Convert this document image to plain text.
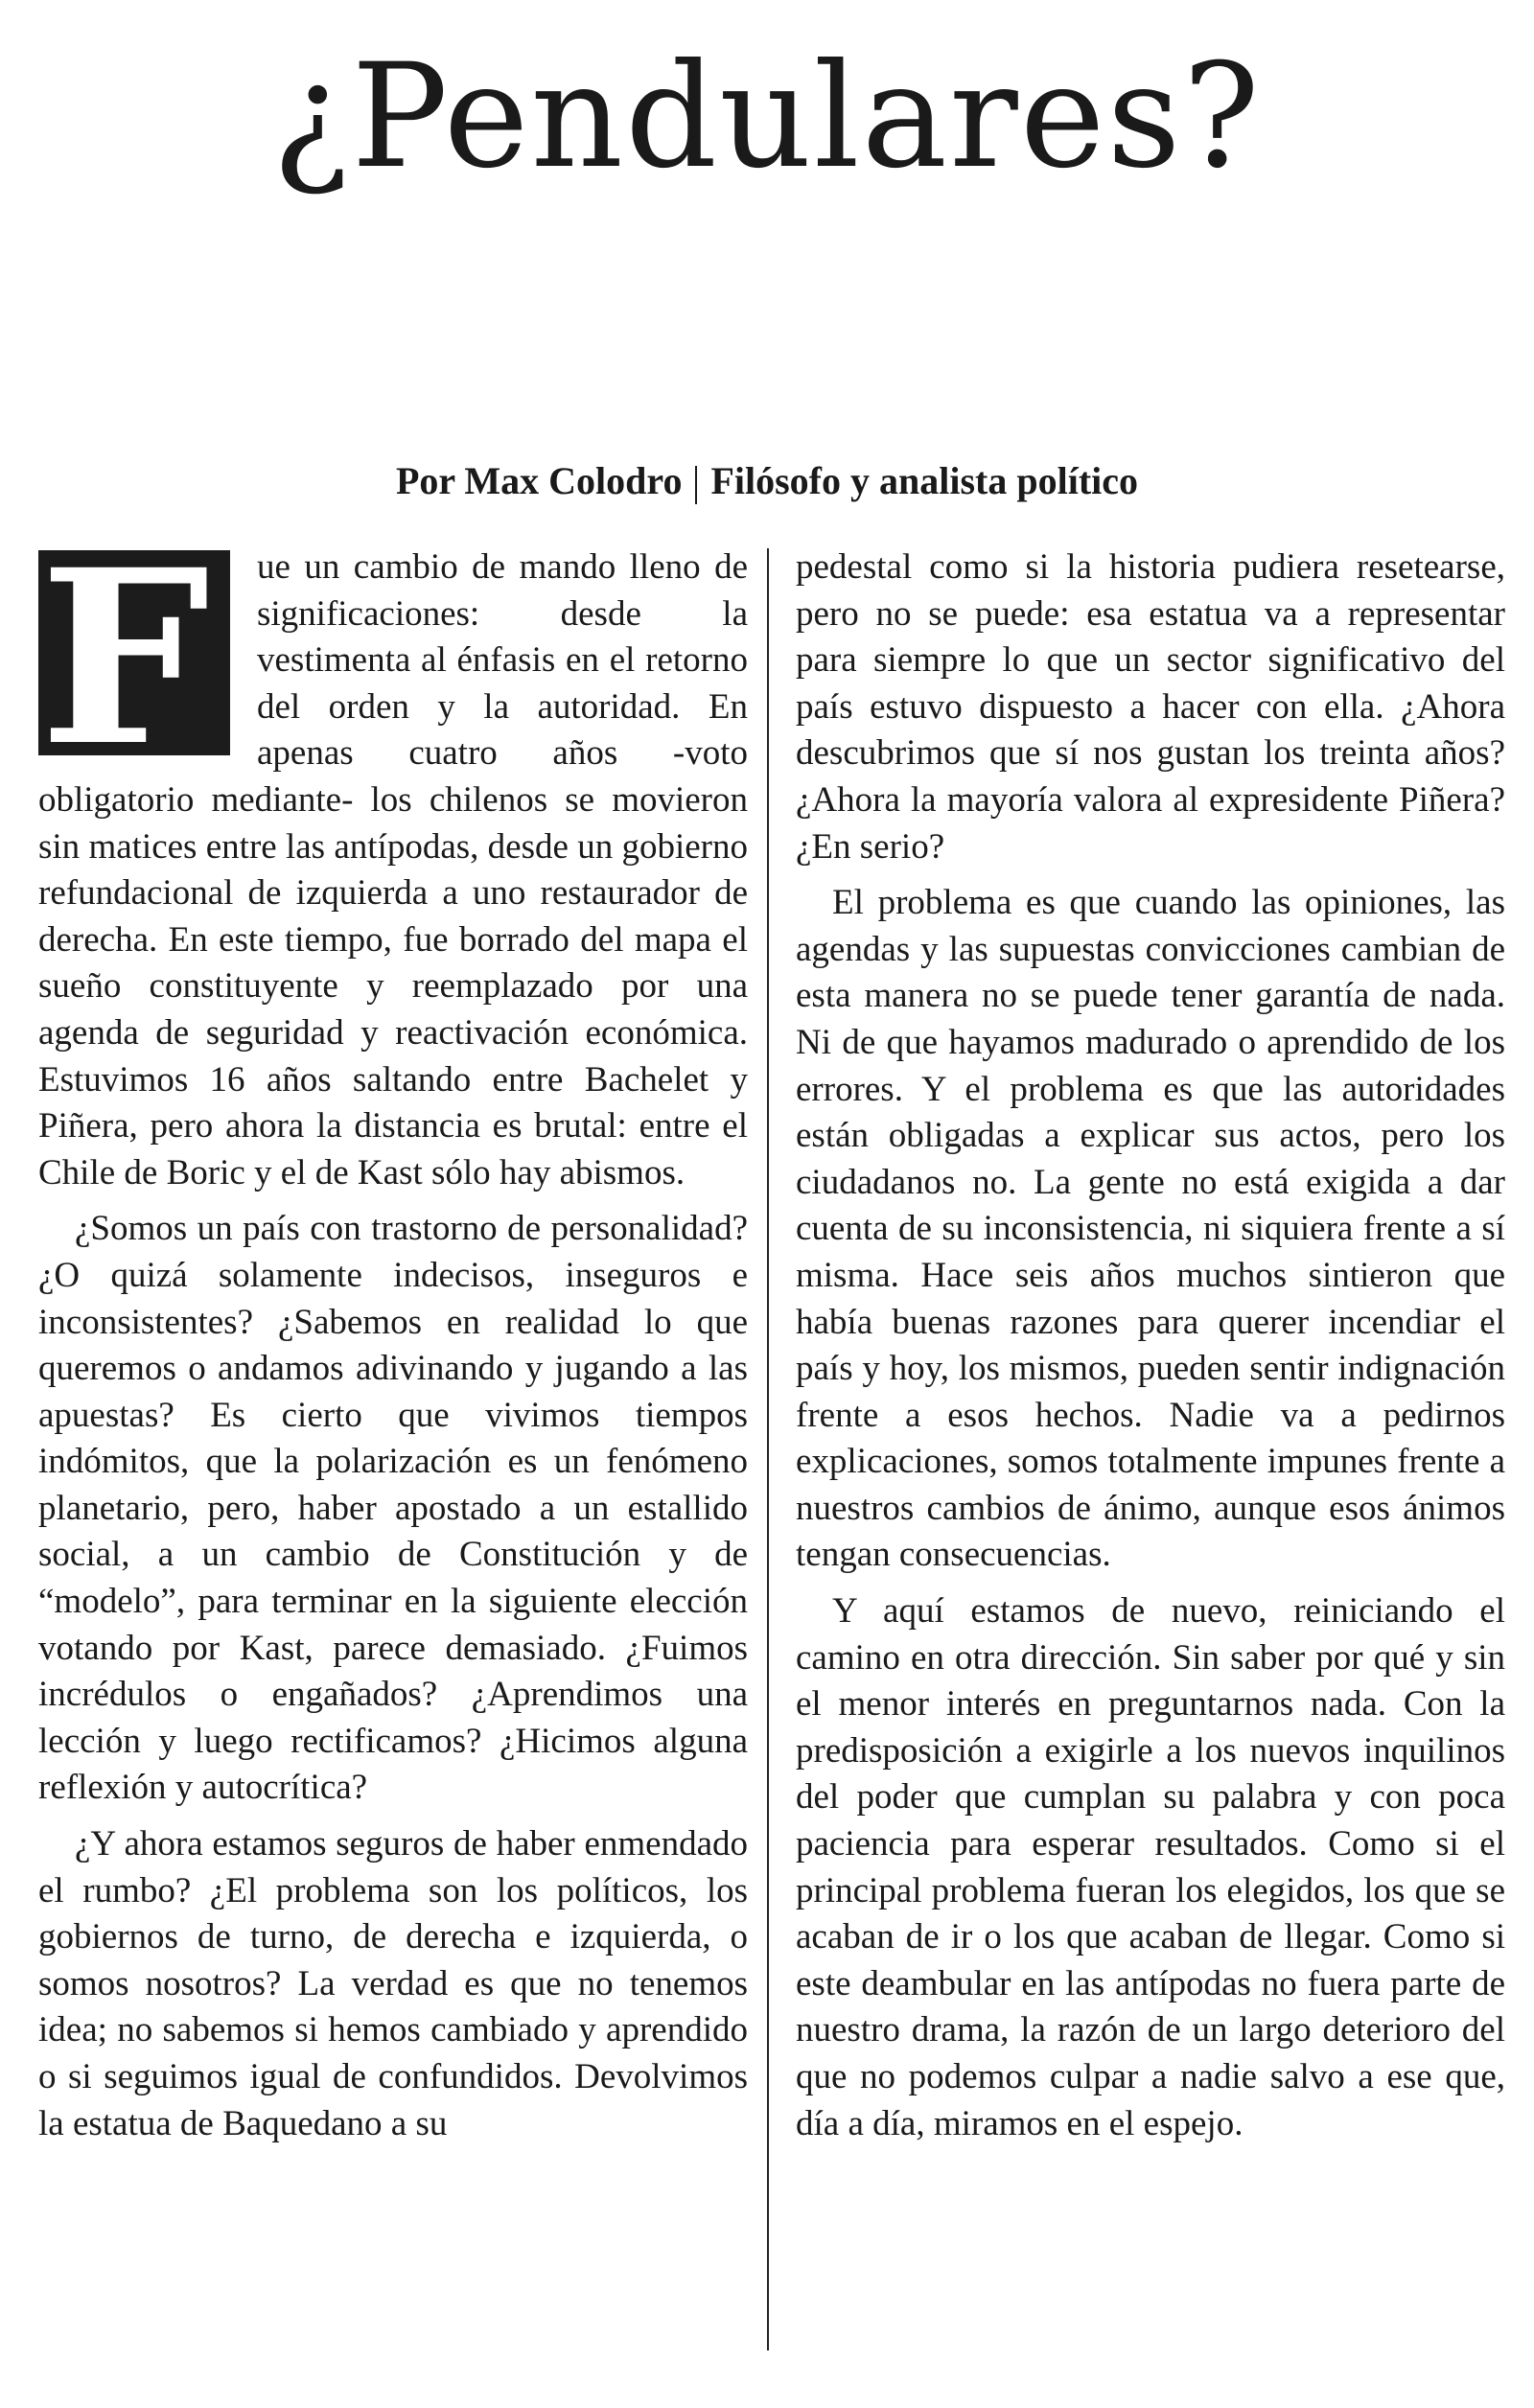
¿Pendulares?
Por Max Colodro Filósofo y analista político

F ue un cambio de mando lleno de significaciones: desde la vestimenta al énfasis en el retorno del orden y la autoridad. En apenas cuatro años -voto obligatorio mediante- los chilenos se movieron sin matices entre las antípodas, desde un gobierno refundacional de izquierda a uno restaurador de derecha. En este tiempo, fue borrado del mapa el sueño constituyente y reemplazado por una agenda de seguridad y reactivación económica. Estuvimos 16 años saltando entre Bachelet y Piñera, pero ahora la distancia es brutal: entre el Chile de Boric y el de Kast sólo hay abismos.

¿Somos un país con trastorno de personalidad? ¿O quizá solamente indecisos, inseguros e inconsistentes? ¿Sabemos en realidad lo que queremos o andamos adivinando y jugando a las apuestas? Es cierto que vivimos tiempos indómitos, que la polarización es un fenómeno planetario, pero, haber apostado a un estallido social, a un cambio de Constitución y de “modelo”, para terminar en la siguiente elección votando por Kast, parece demasiado. ¿Fuimos incrédulos o engañados? ¿Aprendimos una lección y luego rectificamos? ¿Hicimos alguna reflexión y autocrítica?

¿Y ahora estamos seguros de haber enmendado el rumbo? ¿El problema son los políticos, los gobiernos de turno, de derecha e izquierda, o somos nosotros? La verdad es que no tenemos idea; no sabemos si hemos cambiado y aprendido o si seguimos igual de confundidos. Devolvimos la estatua de Baquedano a su

pedestal como si la historia pudiera resetearse, pero no se puede: esa estatua va a representar para siempre lo que un sector significativo del país estuvo dispuesto a hacer con ella. ¿Ahora descubrimos que sí nos gustan los treinta años? ¿Ahora la mayoría valora al expresidente Piñera? ¿En serio?

El problema es que cuando las opiniones, las agendas y las supuestas convicciones cambian de esta manera no se puede tener garantía de nada. Ni de que hayamos madurado o aprendido de los errores. Y el problema es que las autoridades están obligadas a explicar sus actos, pero los ciudadanos no. La gente no está exigida a dar cuenta de su inconsistencia, ni siquiera frente a sí misma. Hace seis años muchos sintieron que había buenas razones para querer incendiar el país y hoy, los mismos, pueden sentir indignación frente a esos hechos. Nadie va a pedirnos explicaciones, somos totalmente impunes frente a nuestros cambios de ánimo, aunque esos ánimos tengan consecuencias.

Y aquí estamos de nuevo, reiniciando el camino en otra dirección. Sin saber por qué y sin el menor interés en preguntarnos nada. Con la predisposición a exigirle a los nuevos inquilinos del poder que cumplan su palabra y con poca paciencia para esperar resultados. Como si el principal problema fueran los elegidos, los que se acaban de ir o los que acaban de llegar. Como si este deambular en las antípodas no fuera parte de nuestro drama, la razón de un largo deterioro del que no podemos culpar a nadie salvo a ese que, día a día, miramos en el espejo.
